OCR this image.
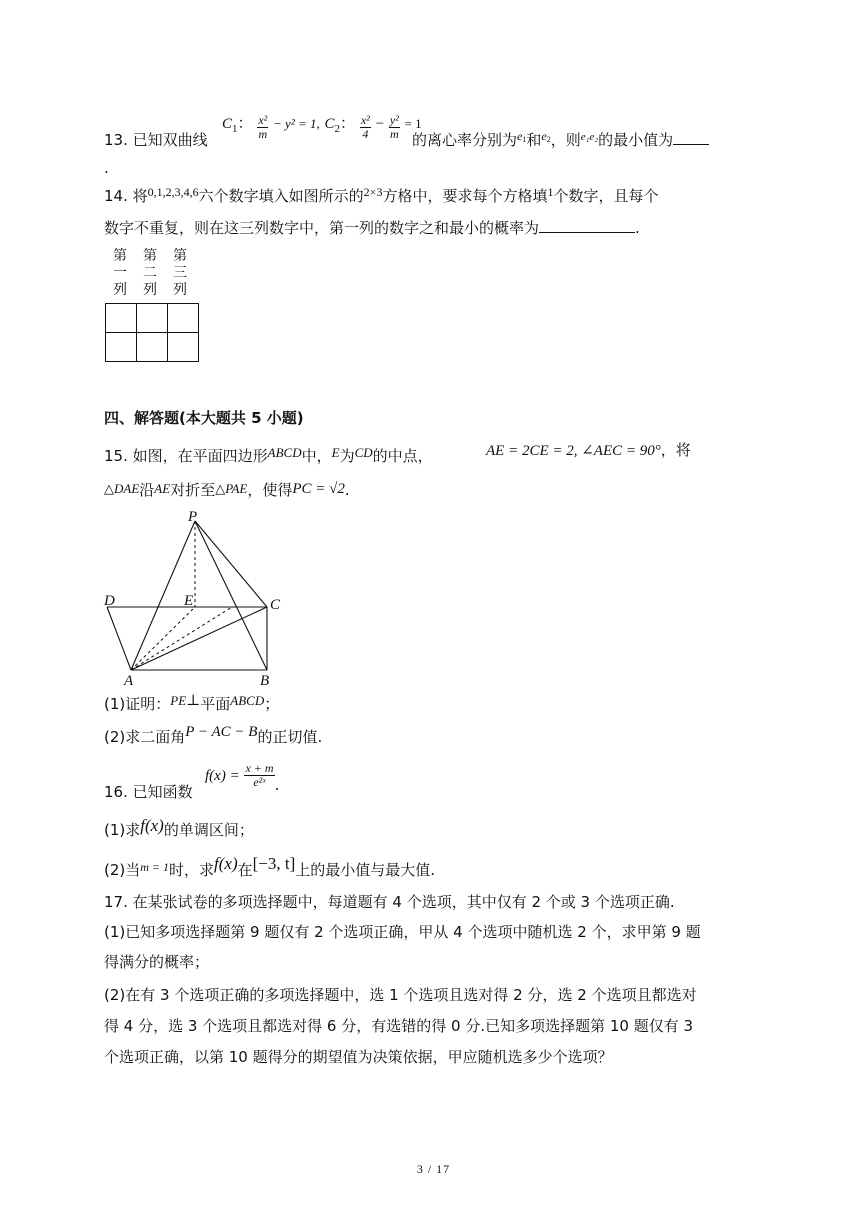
13. 已知双曲线
$C_1$： $\frac{\text{x²}}{m} - y^2 = 1$, $C_2$： $\frac{\text{x²}}{4} - \frac{\text{y²}}{m} = 1$
的离心率分别为$^{e1}$和$^{e2}$，则$^{e_1e_2}$的最小值为
.
14. 将$^{0,1,2,3,4,6}$六个数字填入如图所示的$^{2\times 3}$方格中，要求每个方格填$^1$个数字，且每个
数字不重复，则在这三列数字中，第一列的数字之和最小的概率为	.
第
一
列
第
二
列
第
三
列

四、解答题(本大题共 5 小题)
15. 如图，在平面四边形ABCD中，E为CD的中点，	AE = 2CE = 2, ∠AEC = 90°，将
△DAE沿AE对折至△PAE，使得PC = √2.
P
D	E	C
A	B
(1)证明：PE⊥平面ABCD；
(2)求二面角P − AC − B的正切值.
16. 已知函数
$f(x) = \frac{x + m}{\text{e²ˣ}}$ .
(1)求f(x)的单调区间；
(2)当$^{m = 1}$时，求f(x)在[−3, t]上的最小值与最大值.
17. 在某张试卷的多项选择题中，每道题有 4 个选项，其中仅有 2 个或 3 个选项正确.
(1)已知多项选择题第 9 题仅有 2 个选项正确，甲从 4 个选项中随机选 2 个，求甲第 9 题
得满分的概率；
(2)在有 3 个选项正确的多项选择题中，选 1 个选项且选对得 2 分，选 2 个选项且都选对
得 4 分，选 3 个选项且都选对得 6 分，有选错的得 0 分.已知多项选择题第 10 题仅有 3
个选项正确，以第 10 题得分的期望值为决策依据，甲应随机选多少个选项？
3 / 17
